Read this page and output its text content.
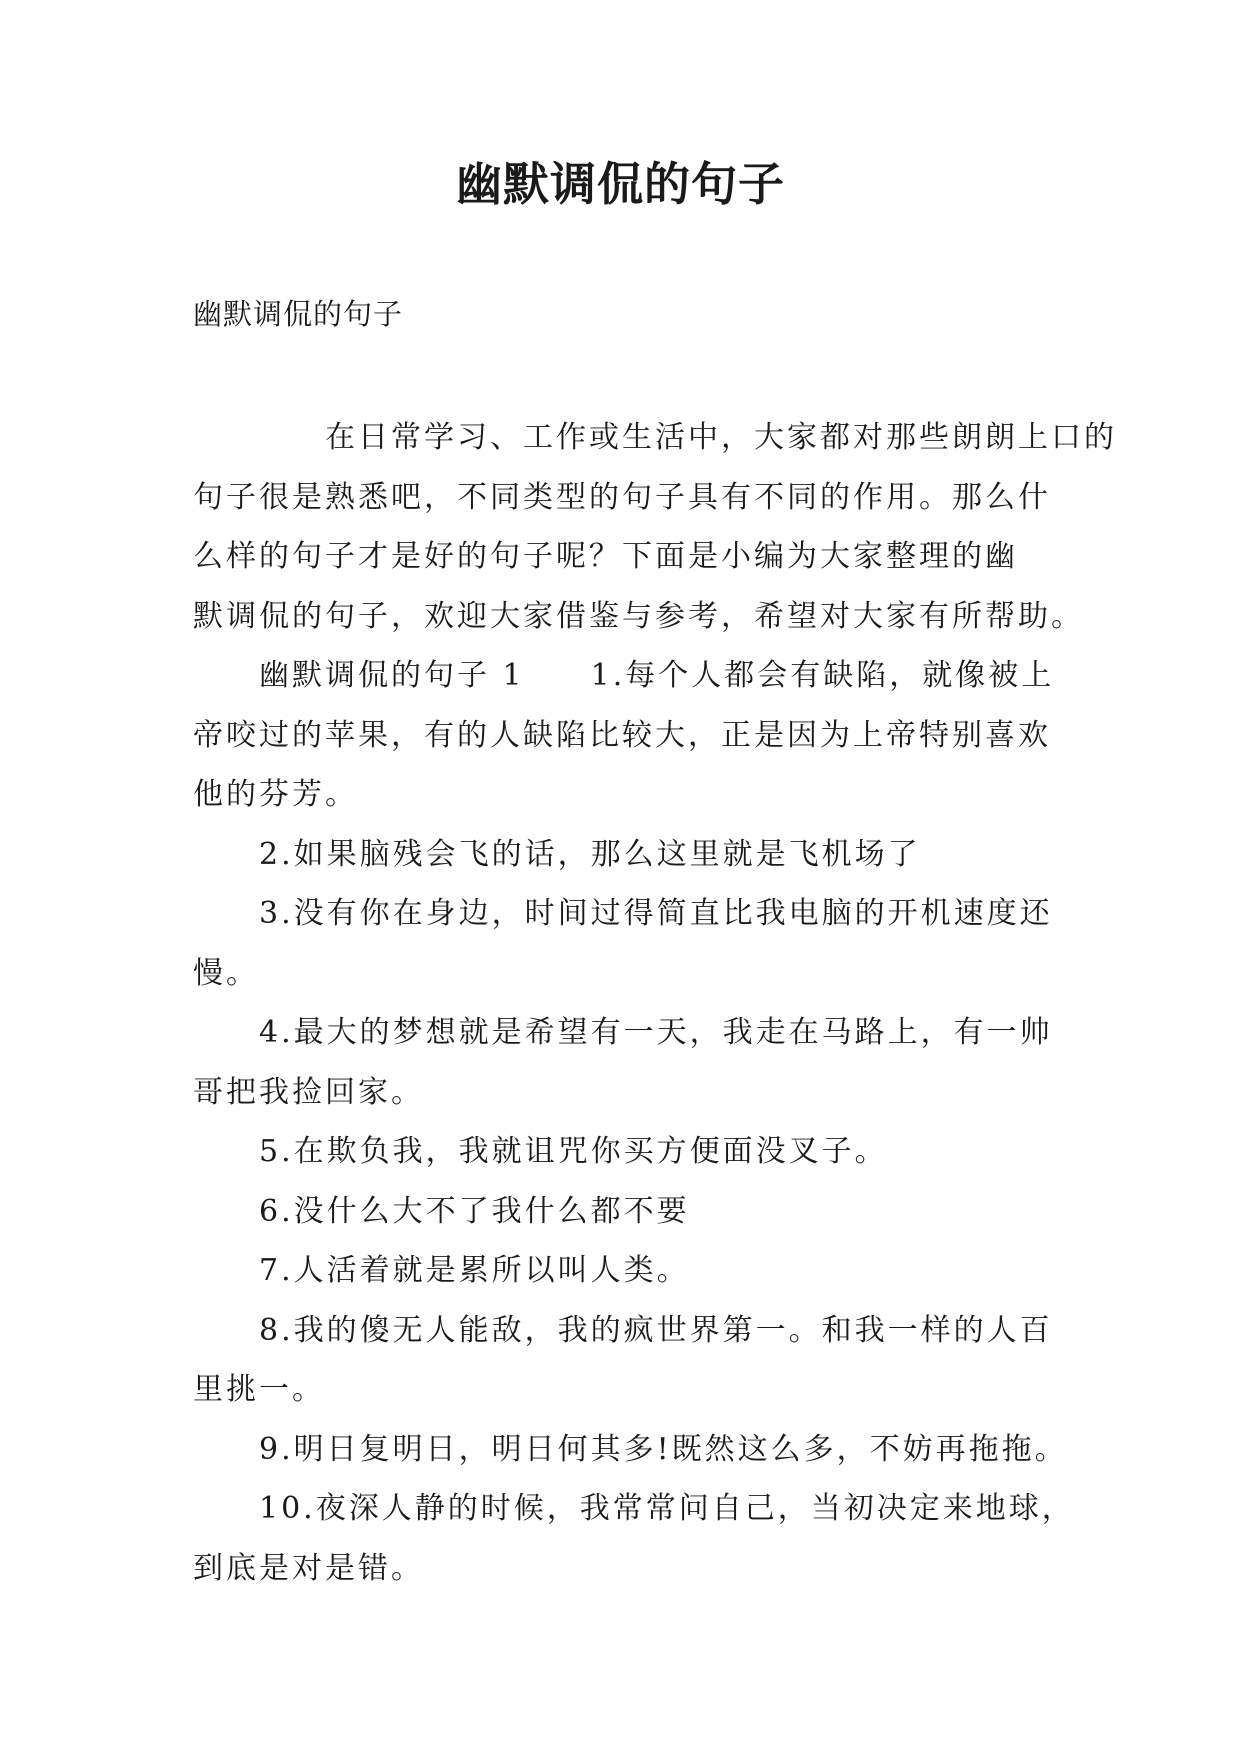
幽默调侃的句子
幽默调侃的句子
在日常学习、工作或生活中，大家都对那些朗朗上口的
句子很是熟悉吧，不同类型的句子具有不同的作用。那么什
么样的句子才是好的句子呢？下面是小编为大家整理的幽
默调侃的句子，欢迎大家借鉴与参考，希望对大家有所帮助。
幽默调侃的句子 1　　1.每个人都会有缺陷，就像被上
帝咬过的苹果，有的人缺陷比较大，正是因为上帝特别喜欢
他的芬芳。
2.如果脑残会飞的话，那么这里就是飞机场了
3.没有你在身边，时间过得简直比我电脑的开机速度还
慢。
4.最大的梦想就是希望有一天，我走在马路上，有一帅
哥把我捡回家。
5.在欺负我，我就诅咒你买方便面没叉子。
6.没什么大不了我什么都不要
7.人活着就是累所以叫人类。
8.我的傻无人能敌，我的疯世界第一。和我一样的人百
里挑一。
9.明日复明日，明日何其多!既然这么多，不妨再拖拖。
10.夜深人静的时候，我常常问自己，当初决定来地球，
到底是对是错。
